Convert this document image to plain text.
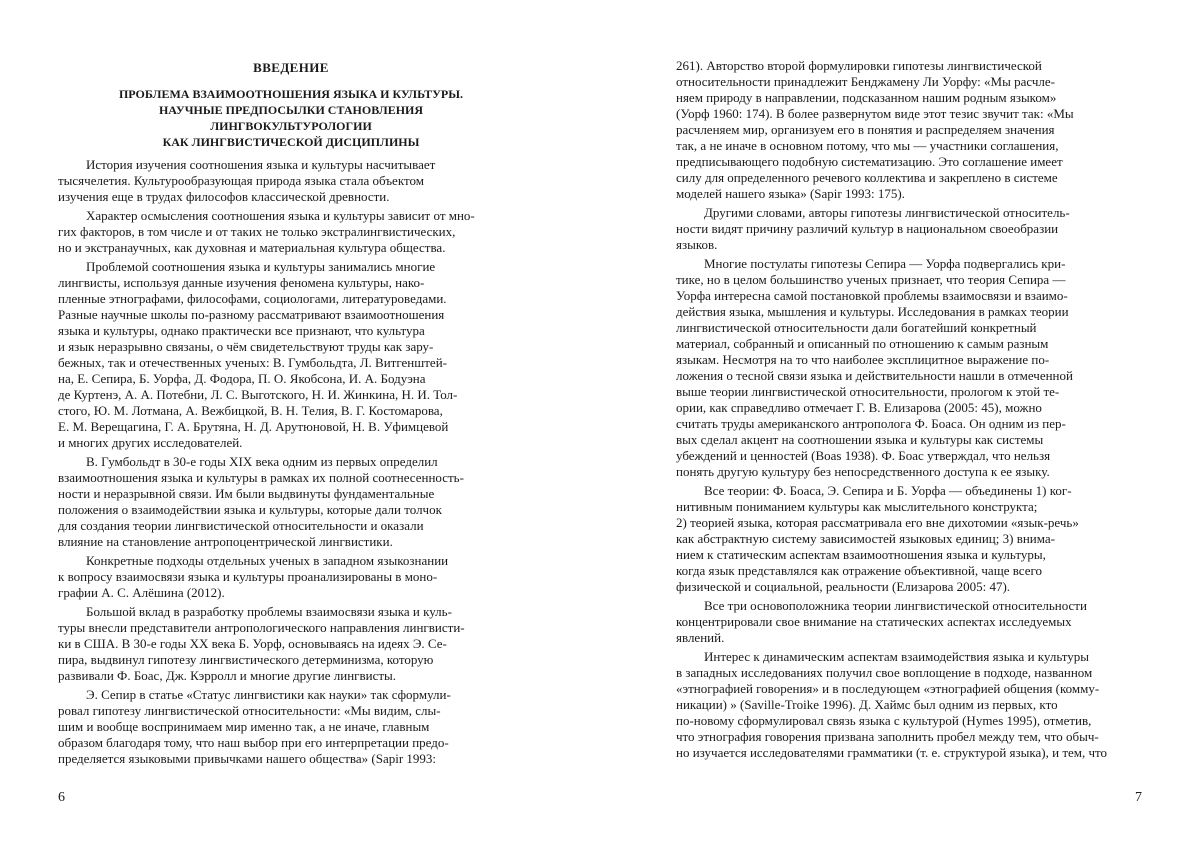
ВВЕДЕНИЕ
ПРОБЛЕМА ВЗАИМООТНОШЕНИЯ ЯЗЫКА И КУЛЬТУРЫ.
НАУЧНЫЕ ПРЕДПОСЫЛКИ СТАНОВЛЕНИЯ
ЛИНГВОКУЛЬТУРОЛОГИИ
КАК ЛИНГВИСТИЧЕСКОЙ ДИСЦИПЛИНЫ
История изучения соотношения языка и культуры насчитывает
тысячелетия. Культурообразующая природа языка стала объектом
изучения еще в трудах философов классической древности.
Характер осмысления соотношения языка и культуры зависит от мно-
гих факторов, в том числе и от таких не только экстралингвистических,
но и экстранаучных, как духовная и материальная культура общества.
Проблемой соотношения языка и культуры занимались многие
лингвисты, используя данные изучения феномена культуры, нако-
пленные этнографами, философами, социологами, литературоведами.
Разные научные школы по-разному рассматривают взаимоотношения
языка и культуры, однако практически все признают, что культура
и язык неразрывно связаны, о чём свидетельствуют труды как зару-
бежных, так и отечественных ученых: В. Гумбольдта, Л. Витгенштей-
на, Е. Сепира, Б. Уорфа, Д. Фодора, П. О. Якобсона, И. А. Бодуэна
де Куртенэ, А. А. Потебни, Л. С. Выготского, Н. И. Жинкина, Н. И. Тол-
стого, Ю. М. Лотмана, А. Вежбицкой, В. Н. Телия, В. Г. Костомарова,
Е. М. Верещагина, Г. А. Брутяна, Н. Д. Арутюновой, Н. В. Уфимцевой
и многих других исследователей.
В. Гумбольдт в 30-е годы XIX века одним из первых определил
взаимоотношения языка и культуры в рамках их полной соотнесенность-
ности и неразрывной связи. Им были выдвинуты фундаментальные
положения о взаимодействии языка и культуры, которые дали толчок
для создания теории лингвистической относительности и оказали
влияние на становление антропоцентрической лингвистики.
Конкретные подходы отдельных ученых в западном языкознании
к вопросу взаимосвязи языка и культуры проанализированы в моно-
графии А. С. Алёшина (2012).
Большой вклад в разработку проблемы взаимосвязи языка и куль-
туры внесли представители антропологического направления лингвисти-
ки в США. В 30-е годы XX века Б. Уорф, основываясь на идеях Э. Се-
пира, выдвинул гипотезу лингвистического детерминизма, которую
развивали Ф. Боас, Дж. Кэрролл и многие другие лингвисты.
Э. Сепир в статье «Статус лингвистики как науки» так сформули-
ровал гипотезу лингвистической относительности: «Мы видим, слы-
шим и вообще воспринимаем мир именно так, а не иначе, главным
образом благодаря тому, что наш выбор при его интерпретации предо-
пределяется языковыми привычками нашего общества» (Sapir 1993:
6
261). Авторство второй формулировки гипотезы лингвистической
относительности принадлежит Бенджамену Ли Уорфу: «Мы расчле-
няем природу в направлении, подсказанном нашим родным языком»
(Уорф 1960: 174). В более развернутом виде этот тезис звучит так: «Мы
расчленяем мир, организуем его в понятия и распределяем значения
так, а не иначе в основном потому, что мы — участники соглашения,
предписывающего подобную систематизацию. Это соглашение имеет
силу для определенного речевого коллектива и закреплено в системе
моделей нашего языка» (Sapir 1993: 175).
Другими словами, авторы гипотезы лингвистической относитель-
ности видят причину различий культур в национальном своеобразии
языков.
Многие постулаты гипотезы Сепира — Уорфа подвергались кри-
тике, но в целом большинство ученых признает, что теория Сепира —
Уорфа интересна самой постановкой проблемы взаимосвязи и взаимо-
действия языка, мышления и культуры. Исследования в рамках теории
лингвистической относительности дали богатейший конкретный
материал, собранный и описанный по отношению к самым разным
языкам. Несмотря на то что наиболее эксплицитное выражение по-
ложения о тесной связи языка и действительности нашли в отмеченной
выше теории лингвистической относительности, прологом к этой те-
ории, как справедливо отмечает Г. В. Елизарова (2005: 45), можно
считать труды американского антрополога Ф. Боаса. Он одним из пер-
вых сделал акцент на соотношении языка и культуры как системы
убеждений и ценностей (Boas 1938). Ф. Боас утверждал, что нельзя
понять другую культуру без непосредственного доступа к ее языку.
Все теории: Ф. Боаса, Э. Сепира и Б. Уорфа — объединены 1) ког-
нитивным пониманием культуры как мыслительного конструкта;
2) теорией языка, которая рассматривала его вне дихотомии «язык-речь»
как абстрактную систему зависимостей языковых единиц; 3) внима-
нием к статическим аспектам взаимоотношения языка и культуры,
когда язык представлялся как отражение объективной, чаще всего
физической и социальной, реальности (Елизарова 2005: 47).
Все три основоположника теории лингвистической относительности
концентрировали свое внимание на статических аспектах исследуемых
явлений.
Интерес к динамическим аспектам взаимодействия языка и культуры
в западных исследованиях получил свое воплощение в подходе, названном
«этнографией говорения» и в последующем «этнографией общения (комму-
никации) » (Saville-Troike 1996). Д. Хаймс был одним из первых, кто
по-новому сформулировал связь языка с культурой (Hymes 1995), отметив,
что этнография говорения призвана заполнить пробел между тем, что обыч-
но изучается исследователями грамматики (т. е. структурой языка), и тем, что
7
